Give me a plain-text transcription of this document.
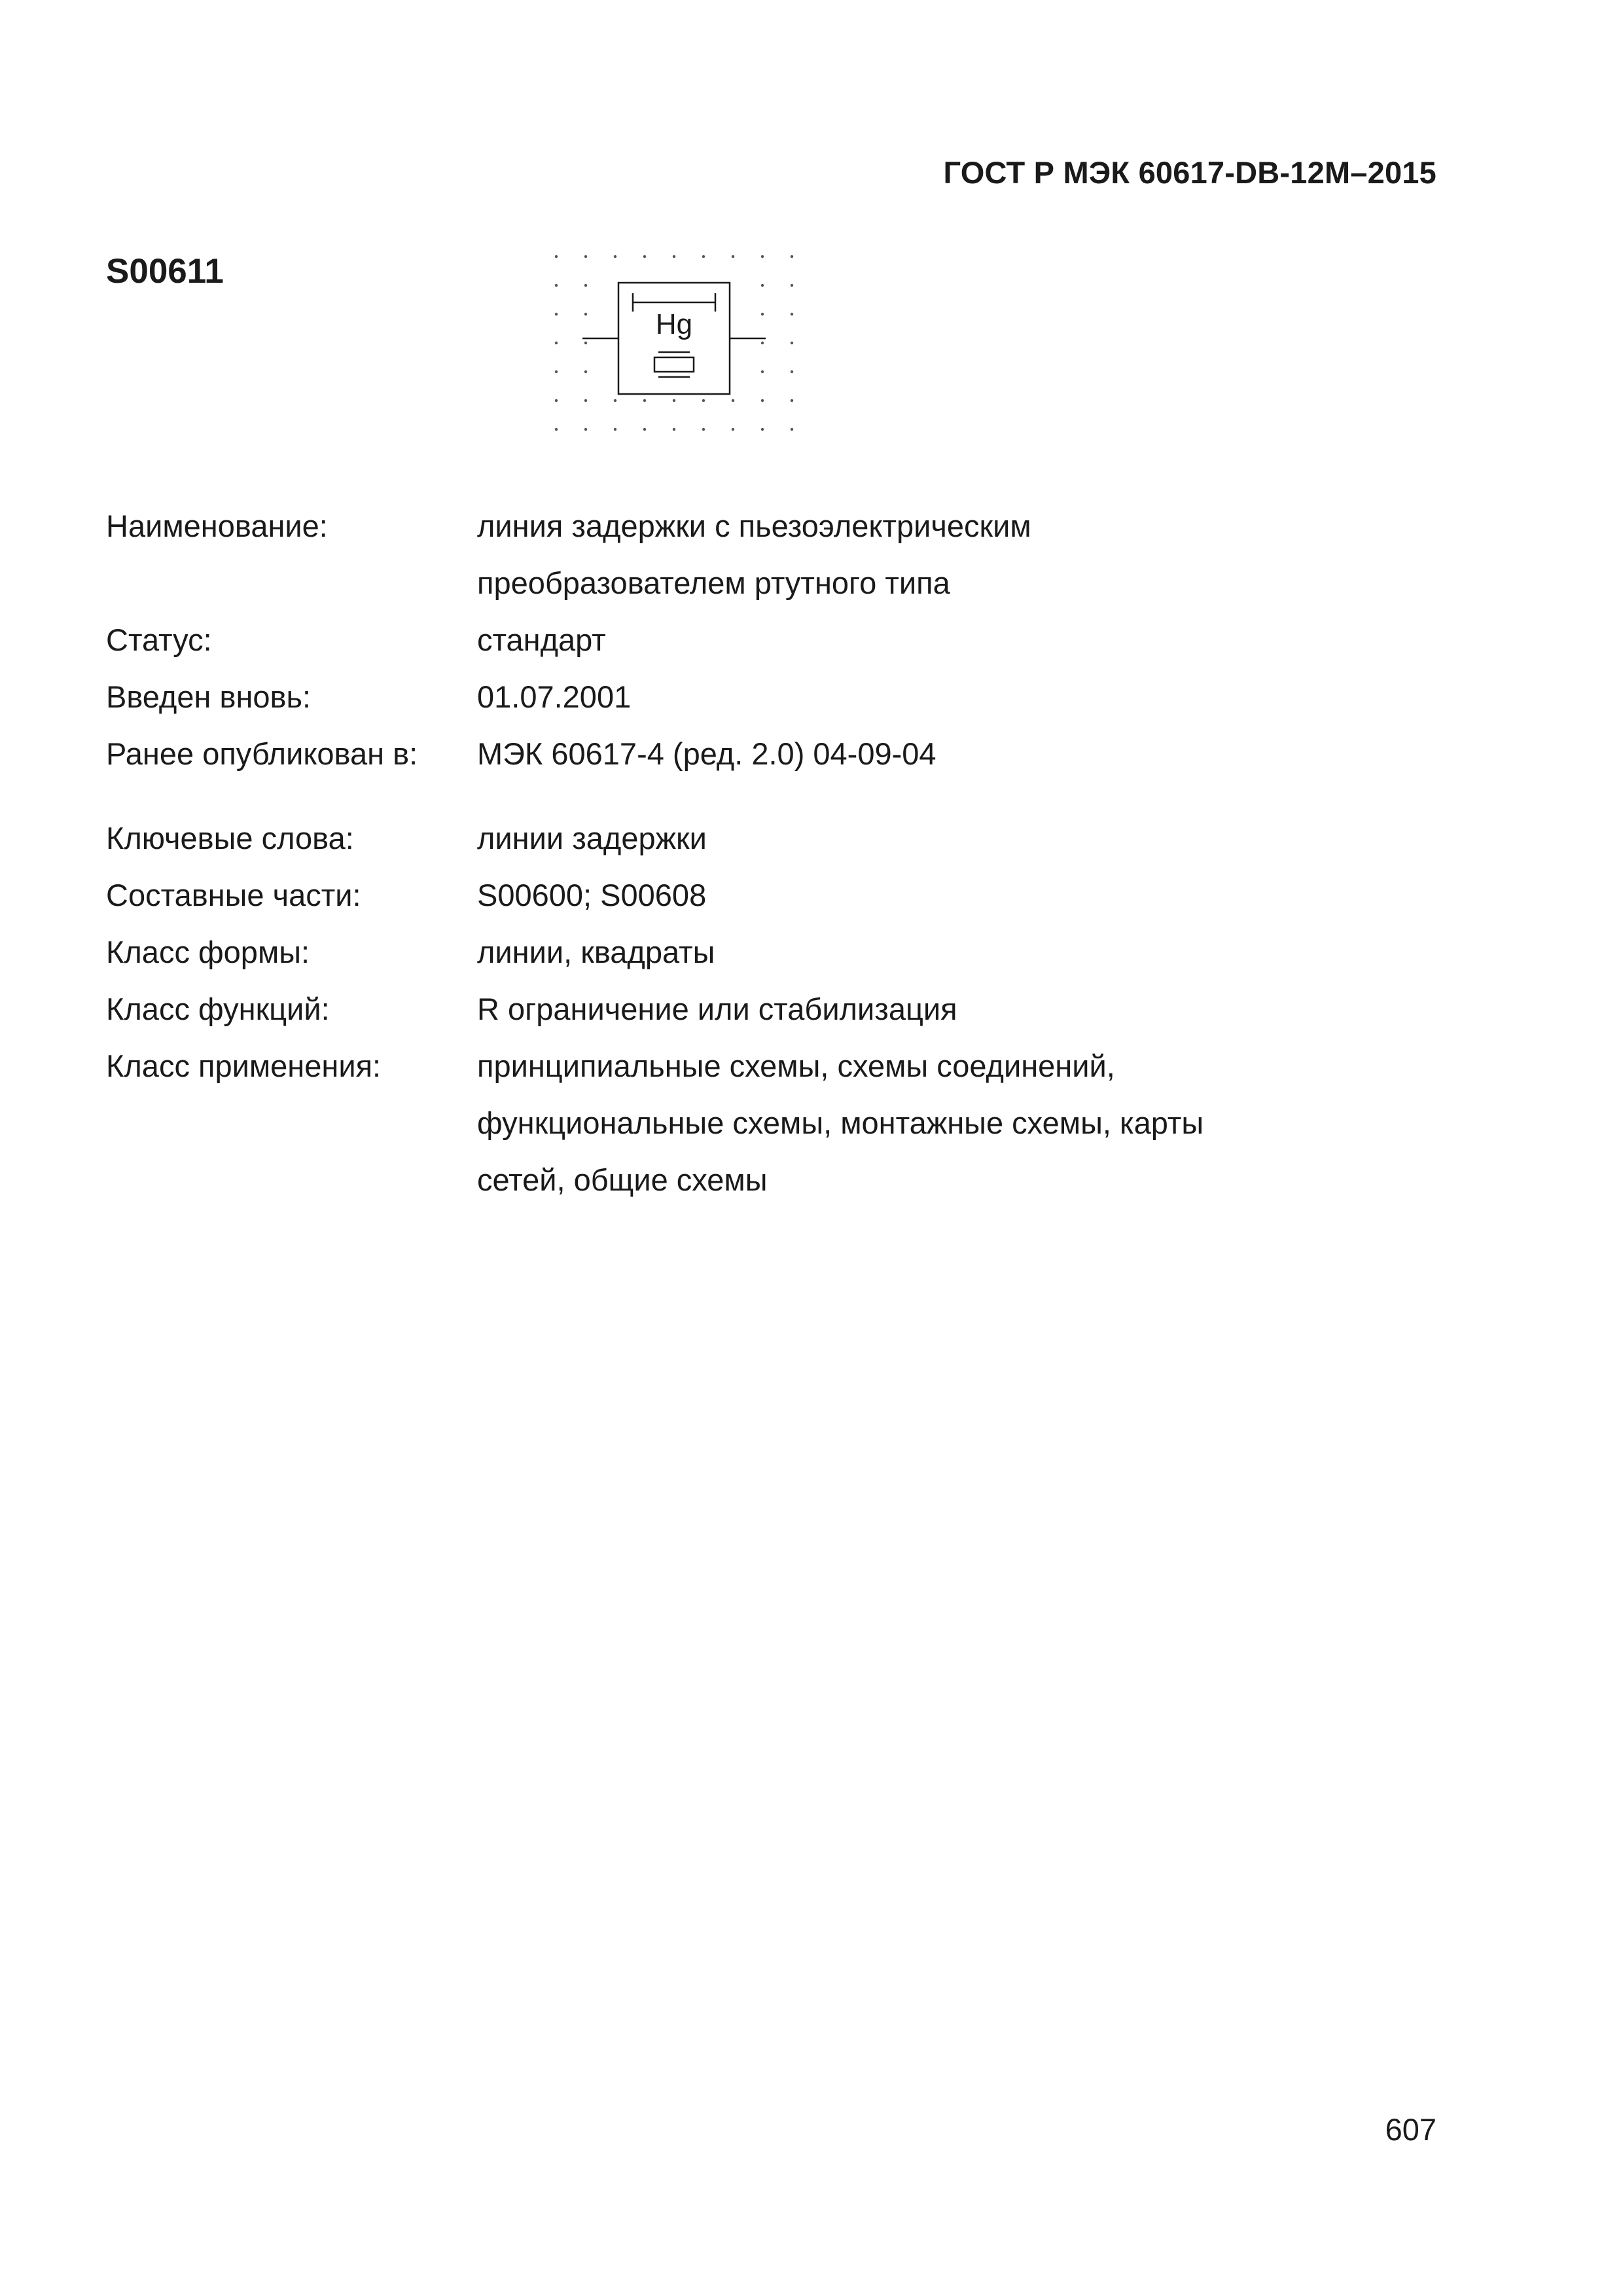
ГОСТ Р МЭК 60617-DB-12M–2015
S00611
Hg
Наименование:	линия задержки с пьезоэлектрическим
преобразователем ртутного типа
Статус:	стандарт
Введен вновь:	01.07.2001
Ранее опубликован в:	МЭК 60617-4 (ред. 2.0) 04-09-04
Ключевые слова:	линии задержки
Составные части:	S00600; S00608
Класс формы:	линии, квадраты
Класс функций:	R ограничение или стабилизация
Класс применения:	принципиальные схемы, схемы соединений,
функциональные схемы, монтажные схемы, карты
сетей, общие схемы
607
